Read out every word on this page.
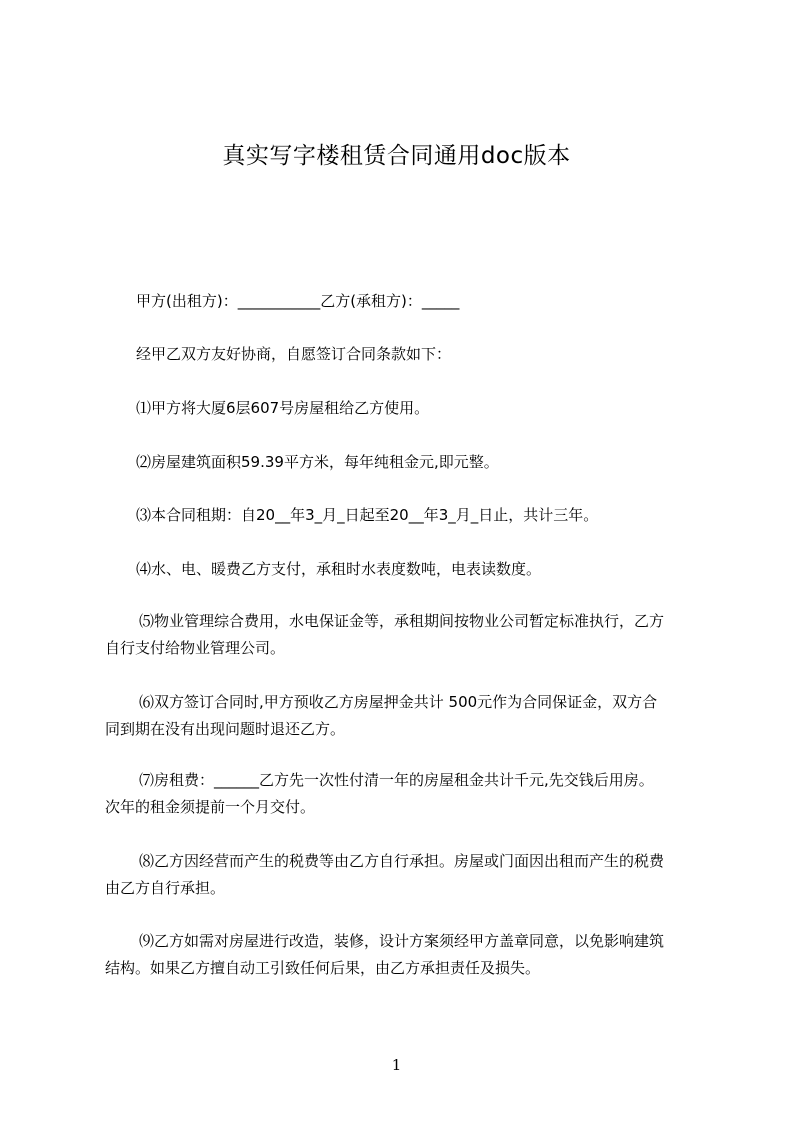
真实写字楼租赁合同通用doc版本

甲方(出租方)：___________乙方(承租方)：_____

经甲乙双方友好协商，自愿签订合同条款如下：

⑴甲方将大厦6层607号房屋租给乙方使用。

⑵房屋建筑面积59.39平方米，每年纯租金元,即元整。

⑶本合同租期：自20__年3_月_日起至20__年3_月_日止，共计三年。

⑷水、电、暖费乙方支付，承租时水表度数吨，电表读数度。

⑸物业管理综合费用，水电保证金等，承租期间按物业公司暂定标准执行，乙方
自行支付给物业管理公司。
⑹双方签订合同时,甲方预收乙方房屋押金共计 500元作为合同保证金，双方合
同到期在没有出现问题时退还乙方。
⑺房租费：______乙方先一次性付清一年的房屋租金共计千元,先交钱后用房。
次年的租金须提前一个月交付。
⑻乙方因经营而产生的税费等由乙方自行承担。房屋或门面因出租而产生的税费
由乙方自行承担。
⑼乙方如需对房屋进行改造，装修，设计方案须经甲方盖章同意，以免影响建筑
结构。如果乙方擅自动工引致任何后果，由乙方承担责任及损失。
1
